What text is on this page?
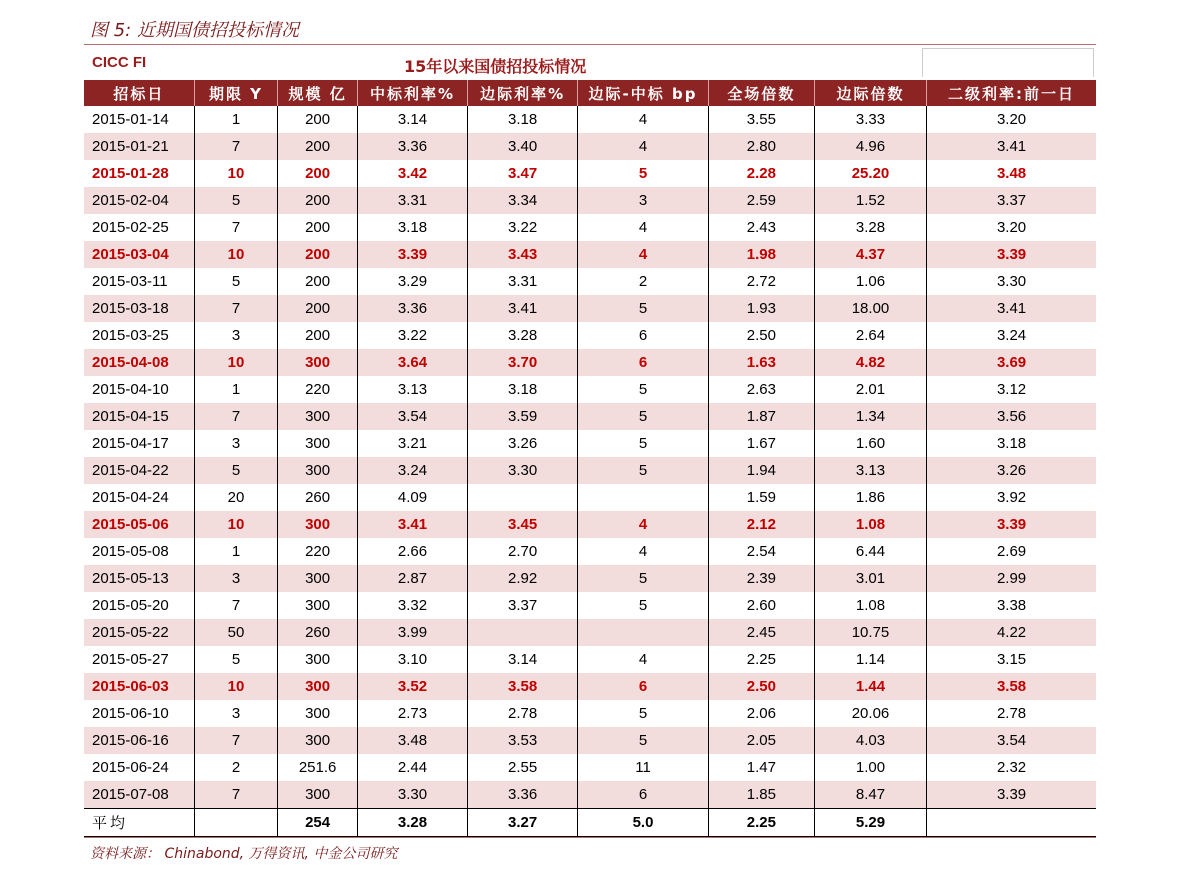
图 5: 近期国债招投标情况
CICC FI	15年以来国债招投标情况
招标日	期限 Y	规模 亿	中标利率%	边际利率%	边际-中标 bp	全场倍数	边际倍数	二级利率:前一日
2015-01-14	1	200	3.14	3.18	4	3.55	3.33	3.20
2015-01-21	7	200	3.36	3.40	4	2.80	4.96	3.41
2015-01-28	10	200	3.42	3.47	5	2.28	25.20	3.48
2015-02-04	5	200	3.31	3.34	3	2.59	1.52	3.37
2015-02-25	7	200	3.18	3.22	4	2.43	3.28	3.20
2015-03-04	10	200	3.39	3.43	4	1.98	4.37	3.39
2015-03-11	5	200	3.29	3.31	2	2.72	1.06	3.30
2015-03-18	7	200	3.36	3.41	5	1.93	18.00	3.41
2015-03-25	3	200	3.22	3.28	6	2.50	2.64	3.24
2015-04-08	10	300	3.64	3.70	6	1.63	4.82	3.69
2015-04-10	1	220	3.13	3.18	5	2.63	2.01	3.12
2015-04-15	7	300	3.54	3.59	5	1.87	1.34	3.56
2015-04-17	3	300	3.21	3.26	5	1.67	1.60	3.18
2015-04-22	5	300	3.24	3.30	5	1.94	3.13	3.26
2015-04-24	20	260	4.09			1.59	1.86	3.92
2015-05-06	10	300	3.41	3.45	4	2.12	1.08	3.39
2015-05-08	1	220	2.66	2.70	4	2.54	6.44	2.69
2015-05-13	3	300	2.87	2.92	5	2.39	3.01	2.99
2015-05-20	7	300	3.32	3.37	5	2.60	1.08	3.38
2015-05-22	50	260	3.99			2.45	10.75	4.22
2015-05-27	5	300	3.10	3.14	4	2.25	1.14	3.15
2015-06-03	10	300	3.52	3.58	6	2.50	1.44	3.58
2015-06-10	3	300	2.73	2.78	5	2.06	20.06	2.78
2015-06-16	7	300	3.48	3.53	5	2.05	4.03	3.54
2015-06-24	2	251.6	2.44	2.55	11	1.47	1.00	2.32
2015-07-08	7	300	3.30	3.36	6	1.85	8.47	3.39
平均		254	3.28	3.27	5.0	2.25	5.29	
资料来源： Chinabond, 万得资讯, 中金公司研究
